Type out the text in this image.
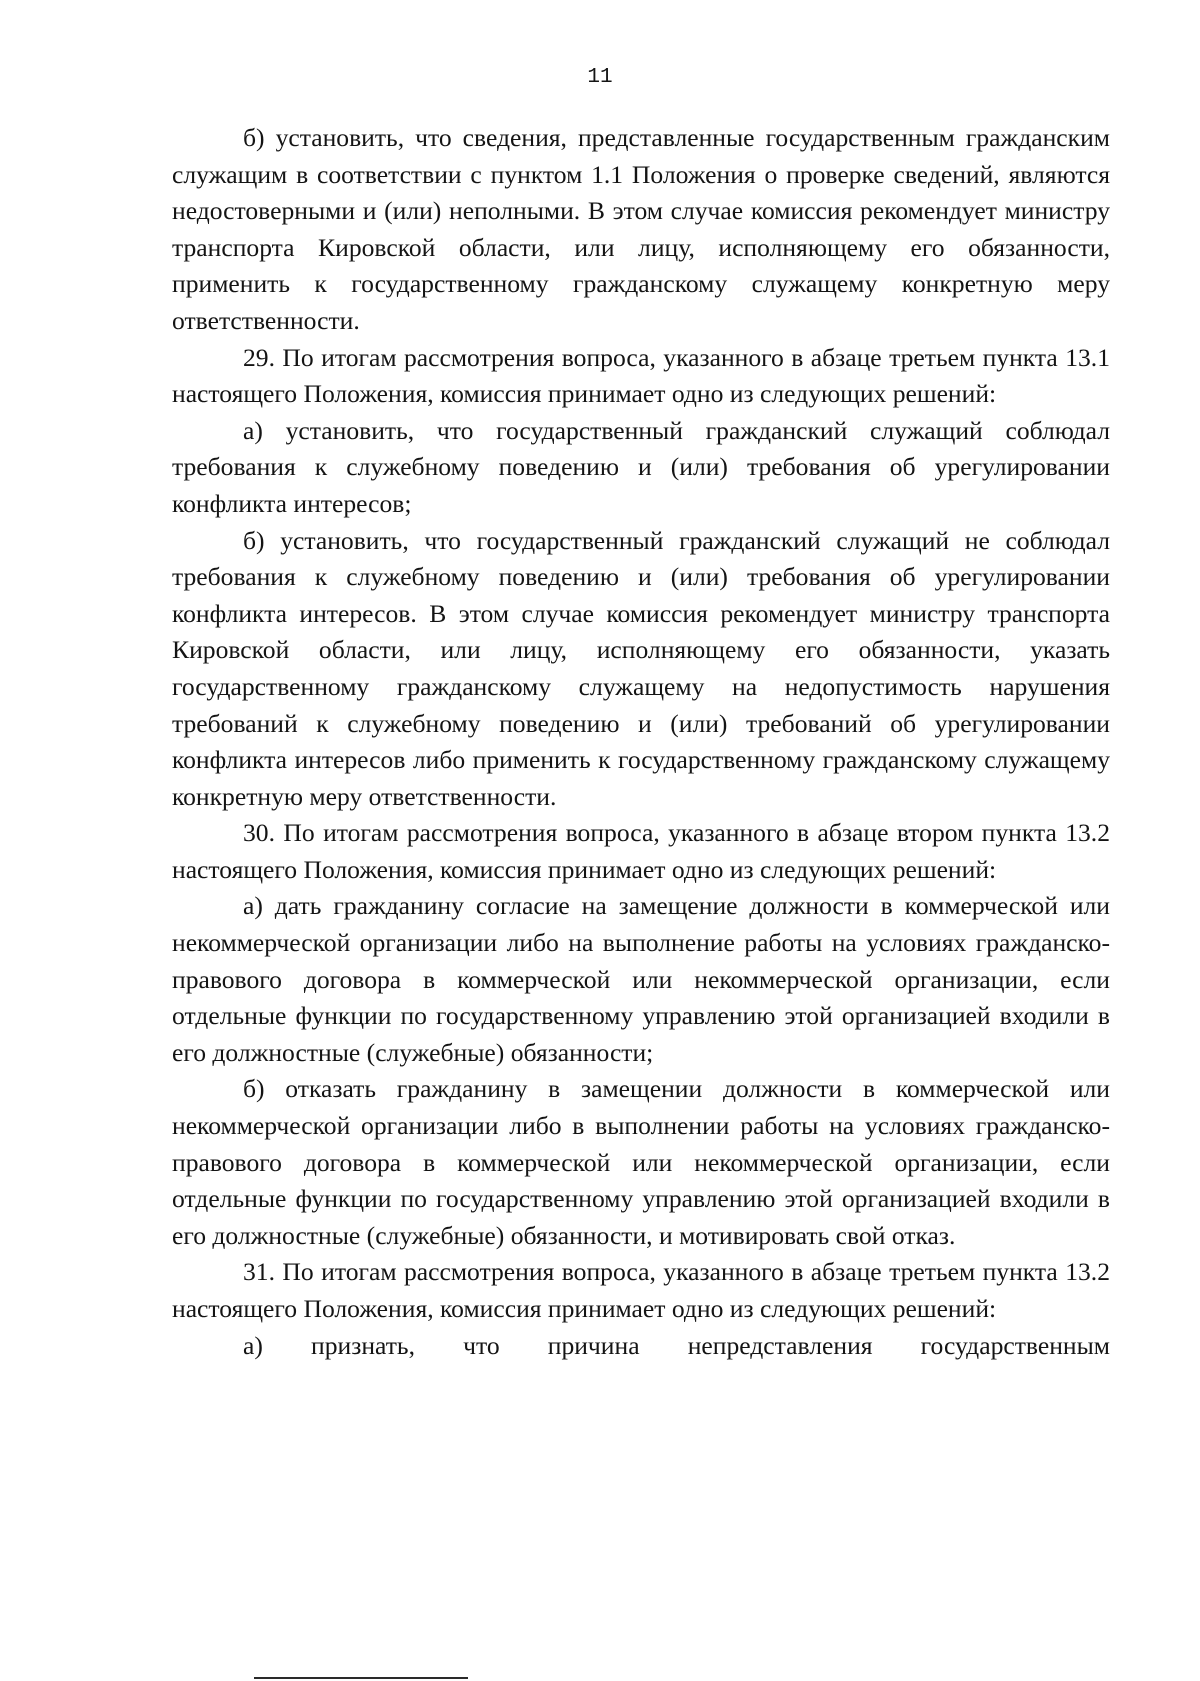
11

б) установить, что сведения, представленные государственным гражданским служащим в соответствии с пунктом 1.1 Положения о проверке сведений, являются недостоверными и (или) неполными. В этом случае комиссия рекомендует министру транспорта Кировской области, или лицу, исполняющему его обязанности, применить к государственному гражданскому служащему конкретную меру ответственности.

29. По итогам рассмотрения вопроса, указанного в абзаце третьем пункта 13.1 настоящего Положения, комиссия принимает одно из следующих решений:

а) установить, что государственный гражданский служащий соблюдал требования к служебному поведению и (или) требования об урегулировании конфликта интересов;

б) установить, что государственный гражданский служащий не соблюдал требования к служебному поведению и (или) требования об урегулировании конфликта интересов. В этом случае комиссия рекомендует министру транспорта Кировской области, или лицу, исполняющему его обязанности, указать государственному гражданскому служащему на недопустимость нарушения требований к служебному поведению и (или) требований об урегулировании конфликта интересов либо применить к государственному гражданскому служащему конкретную меру ответственности.

30. По итогам рассмотрения вопроса, указанного в абзаце втором пункта 13.2 настоящего Положения, комиссия принимает одно из следующих решений:

а) дать гражданину согласие на замещение должности в коммерческой или некоммерческой организации либо на выполнение работы на условиях гражданско-правового договора в коммерческой или некоммерческой организации, если отдельные функции по государственному управлению этой организацией входили в его должностные (служебные) обязанности;

б) отказать гражданину в замещении должности в коммерческой или некоммерческой организации либо в выполнении работы на условиях гражданско-правового договора в коммерческой или некоммерческой организации, если отдельные функции по государственному управлению этой организацией входили в его должностные (служебные) обязанности, и мотивировать свой отказ.

31. По итогам рассмотрения вопроса, указанного в абзаце третьем пункта 13.2 настоящего Положения, комиссия принимает одно из следующих решений:

а) признать, что причина непредставления государственным
